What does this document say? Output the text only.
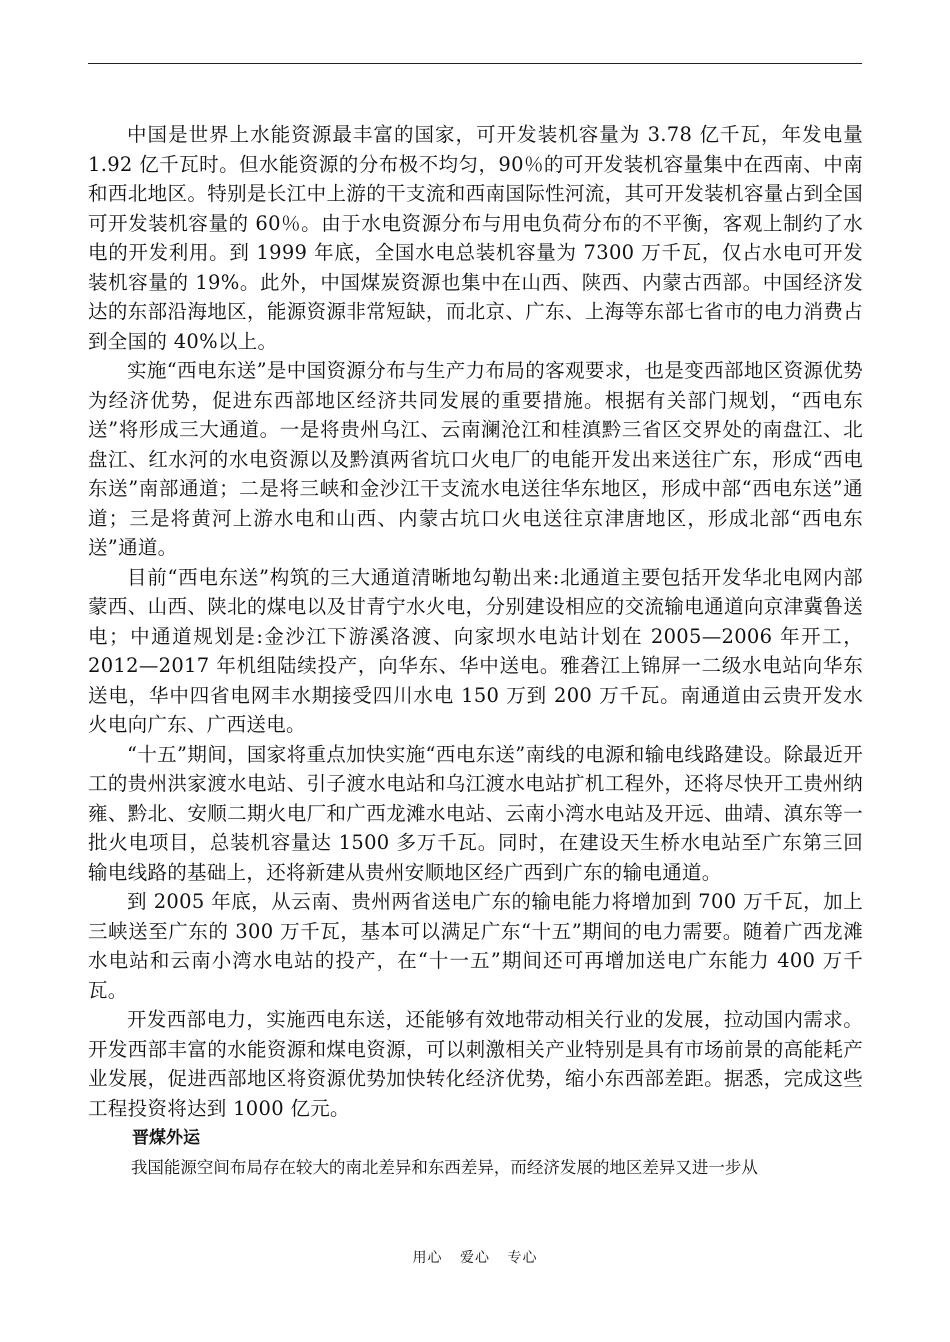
中国是世界上水能资源最丰富的国家，可开发装机容量为 3.78 亿千瓦，年发电量 1.92 亿千瓦时。但水能资源的分布极不均匀，90％的可开发装机容量集中在西南、中南和西北地区。特别是长江中上游的干支流和西南国际性河流，其可开发装机容量占到全国可开发装机容量的 60％。由于水电资源分布与用电负荷分布的不平衡，客观上制约了水电的开发利用。到 1999 年底，全国水电总装机容量为 7300 万千瓦，仅占水电可开发装机容量的 19%。此外，中国煤炭资源也集中在山西、陕西、内蒙古西部。中国经济发达的东部沿海地区，能源资源非常短缺，而北京、广东、上海等东部七省市的电力消费占到全国的 40%以上。

实施“西电东送”是中国资源分布与生产力布局的客观要求，也是变西部地区资源优势为经济优势，促进东西部地区经济共同发展的重要措施。根据有关部门规划，“西电东送”将形成三大通道。一是将贵州乌江、云南澜沧江和桂滇黔三省区交界处的南盘江、北盘江、红水河的水电资源以及黔滇两省坑口火电厂的电能开发出来送往广东，形成“西电东送”南部通道；二是将三峡和金沙江干支流水电送往华东地区，形成中部“西电东送”通道；三是将黄河上游水电和山西、内蒙古坑口火电送往京津唐地区，形成北部“西电东送”通道。

目前“西电东送”构筑的三大通道清晰地勾勒出来:北通道主要包括开发华北电网内部蒙西、山西、陕北的煤电以及甘青宁水火电，分别建设相应的交流输电通道向京津冀鲁送电；中通道规划是:金沙江下游溪洛渡、向家坝水电站计划在 2005—2006 年开工，2012—2017 年机组陆续投产，向华东、华中送电。雅砻江上锦屏一二级水电站向华东送电，华中四省电网丰水期接受四川水电 150 万到 200 万千瓦。南通道由云贵开发水火电向广东、广西送电。

“十五”期间，国家将重点加快实施“西电东送”南线的电源和输电线路建设。除最近开工的贵州洪家渡水电站、引子渡水电站和乌江渡水电站扩机工程外，还将尽快开工贵州纳雍、黔北、安顺二期火电厂和广西龙滩水电站、云南小湾水电站及开远、曲靖、滇东等一批火电项目，总装机容量达 1500 多万千瓦。同时，在建设天生桥水电站至广东第三回输电线路的基础上，还将新建从贵州安顺地区经广西到广东的输电通道。

到 2005 年底，从云南、贵州两省送电广东的输电能力将增加到 700 万千瓦，加上三峡送至广东的 300 万千瓦，基本可以满足广东“十五”期间的电力需要。随着广西龙滩水电站和云南小湾水电站的投产，在“十一五”期间还可再增加送电广东能力 400 万千瓦。

开发西部电力，实施西电东送，还能够有效地带动相关行业的发展，拉动国内需求。开发西部丰富的水能资源和煤电资源，可以刺激相关产业特别是具有市场前景的高能耗产业发展，促进西部地区将资源优势加快转化经济优势，缩小东西部差距。据悉，完成这些工程投资将达到 1000 亿元。

晋煤外运

我国能源空间布局存在较大的南北差异和东西差异，而经济发展的地区差异又进一步从

用心 爱心 专心
